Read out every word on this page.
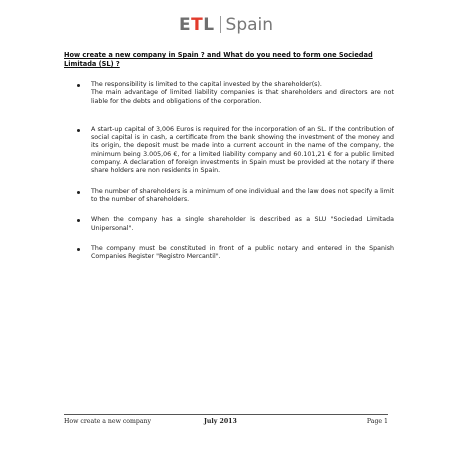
ETL Spain
How create a new company in Spain ? and What do you need to form one Sociedad Limitada (SL) ?
The responsibility is limited to the capital invested by the shareholder(s).
The main advantage of limited liability companies is that shareholders and directors are not liable for the debts and obligations of the corporation.
A start-up capital of 3,006 Euros is required for the incorporation of an SL. If the contribution of social capital is in cash, a certificate from the bank showing the investment of the money and its origin, the deposit must be made into a current account in the name of the company, the minimum being 3.005,06 €, for a limited liability company and 60.101,21 € for a public limited company. A declaration of foreign investments in Spain must be provided at the notary if there share holders are non residents in Spain.
The number of shareholders is a minimum of one individual and the law does not specify a limit to the number of shareholders.
When the company has a single shareholder is described as a SLU "Sociedad Limitada Unipersonal".
The company must be constituted in front of a public notary and entered in the Spanish Companies Register "Registro Mercantil".
How create a new company	July 2013	Page 1
